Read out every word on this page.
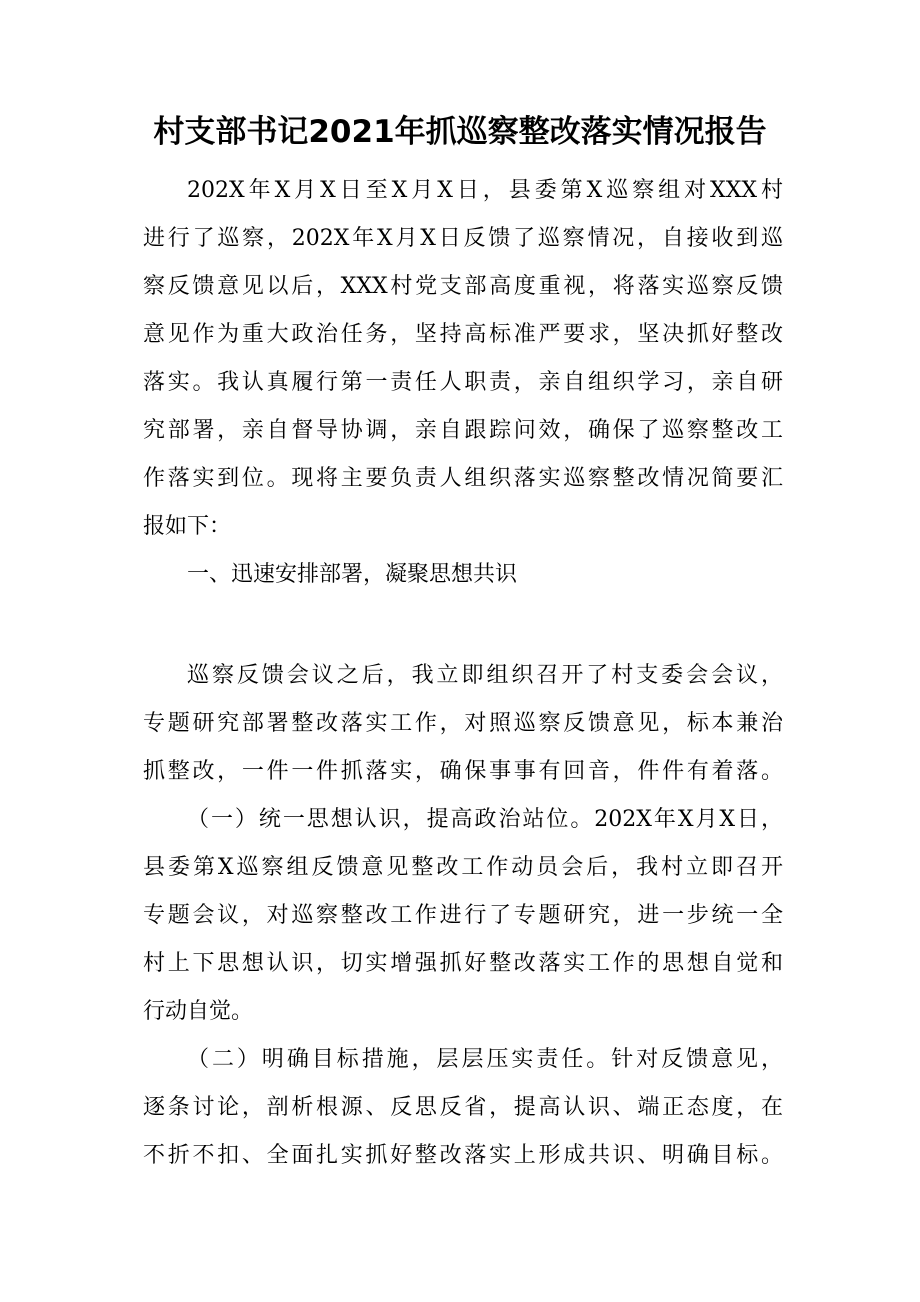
村支部书记2021年抓巡察整改落实情况报告

202X年X月X日至X月X日，县委第X巡察组对XXX村

进行了巡察，202X年X月X日反馈了巡察情况，自接收到巡

察反馈意见以后，XXX村党支部高度重视，将落实巡察反馈

意见作为重大政治任务，坚持高标准严要求，坚决抓好整改

落实。我认真履行第一责任人职责，亲自组织学习，亲自研

究部署，亲自督导协调，亲自跟踪问效，确保了巡察整改工

作落实到位。现将主要负责人组织落实巡察整改情况简要汇

报如下：

一、迅速安排部署，凝聚思想共识

巡察反馈会议之后，我立即组织召开了村支委会会议，

专题研究部署整改落实工作，对照巡察反馈意见，标本兼治

抓整改，一件一件抓落实，确保事事有回音，件件有着落。

（一）统一思想认识，提高政治站位。202X年X月X日，

县委第X巡察组反馈意见整改工作动员会后，我村立即召开

专题会议，对巡察整改工作进行了专题研究，进一步统一全

村上下思想认识，切实增强抓好整改落实工作的思想自觉和

行动自觉。

（二）明确目标措施，层层压实责任。针对反馈意见，

逐条讨论，剖析根源、反思反省，提高认识、端正态度，在

不折不扣、全面扎实抓好整改落实上形成共识、明确目标。
